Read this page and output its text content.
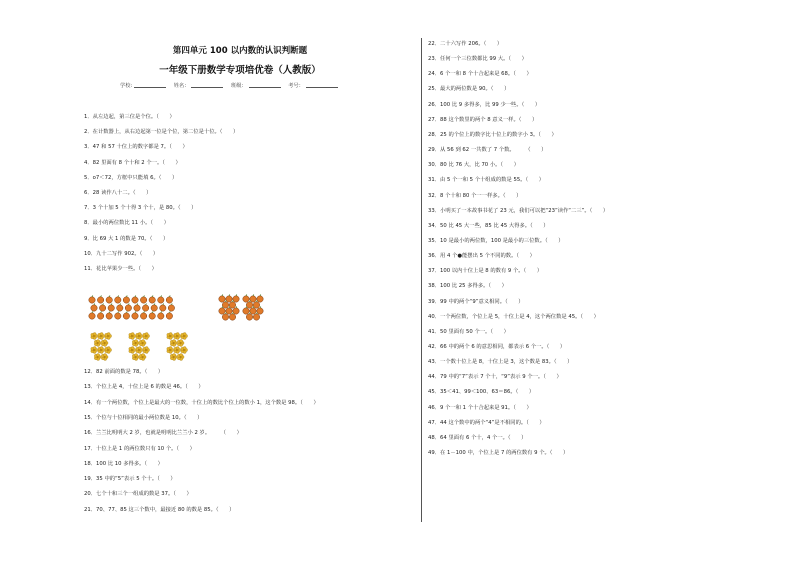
第四单元 100 以内数的认识判断题
一年级下册数学专项培优卷（人教版）
学校:	姓名：	班级：	考号：
1．从左边起，第三位是个位。（　　）
2．在计数器上，从右边起第一位是个位，第二位是十位。（　　）
3．47 和 57 十位上的数字都是 7。（　　）
4．82 里面有 8 个十和 2 个一。（　　）
5．o7＜72，方框中只能填 6。（　　）
6．28 读作八十二。（　　）
7．3 个十加 5 个十得 3 个十，是 80。（　　）
8．最小的两位数比 11 小。（　　）
9．比 69 大 1 的数是 70。（　　）
10．九十二写作 902。（　　）
11．花比苹果少一些。（　　）
12．82 前面的数是 78。（　　）
13．个位上是 4，十位上是 6 的数是 46。（　　）
14．有一个两位数，个位上是最大的一位数，十位上的数比个位上的数小 1，这个数是 98。（　　）
15．个位与十位相同的最小两位数是 10。（　　）
16．兰兰比明明大 2 岁，也就是明明比兰兰小 2 岁。　　　（　　）
17．十位上是 1 的两位数只有 10 个。（　　）
18．100 比 10 多得多。（　　）
19．35 中的“5”表示 5 个十。（　　）
20．七个十和三个一组成的数是 37。（　　）
21．70、77、85 这三个数中，最接近 80 的数是 85。（　　）
22．二十六写作 206。（　　）
23．任何一个三位数都比 99 大。（　　）
24．6 个一和 8 个十合起来是 68。（　　）
25．最大的两位数是 90。（　　）
26．100 比 9 多得多，比 99 少一些。（　　）
27．88 这个数里的两个 8 意义一样。（　　）
28．25 的个位上的数字比十位上的数字小 3。（　　）
29．从 56 到 62 一共数了 7 个数。　　　（　　）
30．80 比 76 大，比 70 小。（　　）
31．由 5 个一和 5 个十组成的数是 55。（　　）
32．8 个十和 80 个一一样多。（　　）
33．小明买了一本故事书花了 23 元，我们可以把“23”读作“二三”。（　　）
34．50 比 45 大一些，85 比 45 大得多。（　　）
35．10 是最小的两位数，100 是最小的三位数。（　　）
36．用 4 个●能摆出 5 个不同的数。（　　）
37．100 以内十位上是 8 的数有 9 个。（　　）
38．100 比 25 多得多。（　　）
39．99 中的两个“9”意义相同。（　　）
40．一个两位数，个位上是 5，十位上是 4，这个两位数是 45。（　　）
41．50 里面有 50 个一。（　　）
42．66 中的两个 6 的意思相同，都表示 6 个一。（　　）
43．一个数十位上是 8，十位上是 3，这个数是 83。（　　）
44．79 中的“7”表示 7 个十，“9”表示 9 个一。（　　）
45．35＜41、99＜100、63＝86。（　　）
46．9 个一和 1 个十合起来是 91。（　　）
47．44 这个数中的两个“4”是不相同的。（　　）
48．64 里面有 6 个十，4 个一。（　　）
49．在 1－100 中，个位上是 7 的两位数有 9 个。（　　）
